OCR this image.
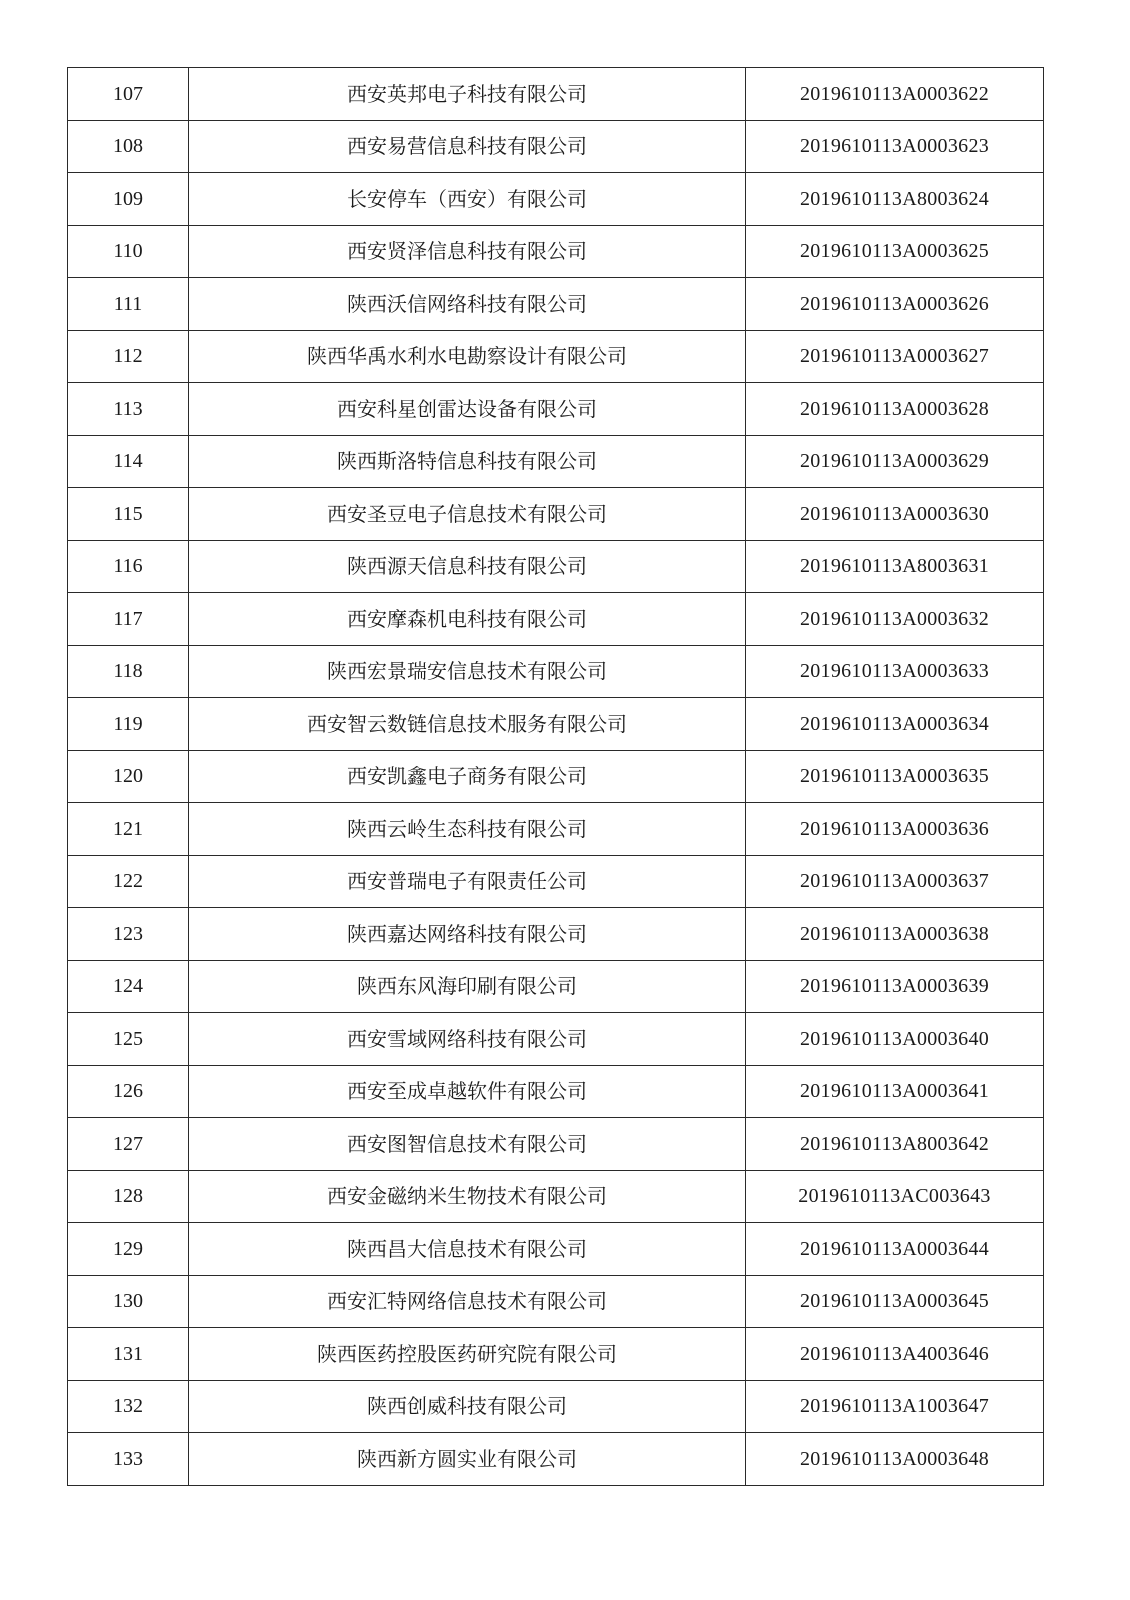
107	西安英邦电子科技有限公司	2019610113A0003622
108	西安易营信息科技有限公司	2019610113A0003623
109	长安停车（西安）有限公司	2019610113A8003624
110	西安贤泽信息科技有限公司	2019610113A0003625
111	陕西沃信网络科技有限公司	2019610113A0003626
112	陕西华禹水利水电勘察设计有限公司	2019610113A0003627
113	西安科星创雷达设备有限公司	2019610113A0003628
114	陕西斯洛特信息科技有限公司	2019610113A0003629
115	西安圣豆电子信息技术有限公司	2019610113A0003630
116	陕西源天信息科技有限公司	2019610113A8003631
117	西安摩森机电科技有限公司	2019610113A0003632
118	陕西宏景瑞安信息技术有限公司	2019610113A0003633
119	西安智云数链信息技术服务有限公司	2019610113A0003634
120	西安凯鑫电子商务有限公司	2019610113A0003635
121	陕西云岭生态科技有限公司	2019610113A0003636
122	西安普瑞电子有限责任公司	2019610113A0003637
123	陕西嘉达网络科技有限公司	2019610113A0003638
124	陕西东风海印刷有限公司	2019610113A0003639
125	西安雪域网络科技有限公司	2019610113A0003640
126	西安至成卓越软件有限公司	2019610113A0003641
127	西安图智信息技术有限公司	2019610113A8003642
128	西安金磁纳米生物技术有限公司	2019610113AC003643
129	陕西昌大信息技术有限公司	2019610113A0003644
130	西安汇特网络信息技术有限公司	2019610113A0003645
131	陕西医药控股医药研究院有限公司	2019610113A4003646
132	陕西创威科技有限公司	2019610113A1003647
133	陕西新方圆实业有限公司	2019610113A0003648
